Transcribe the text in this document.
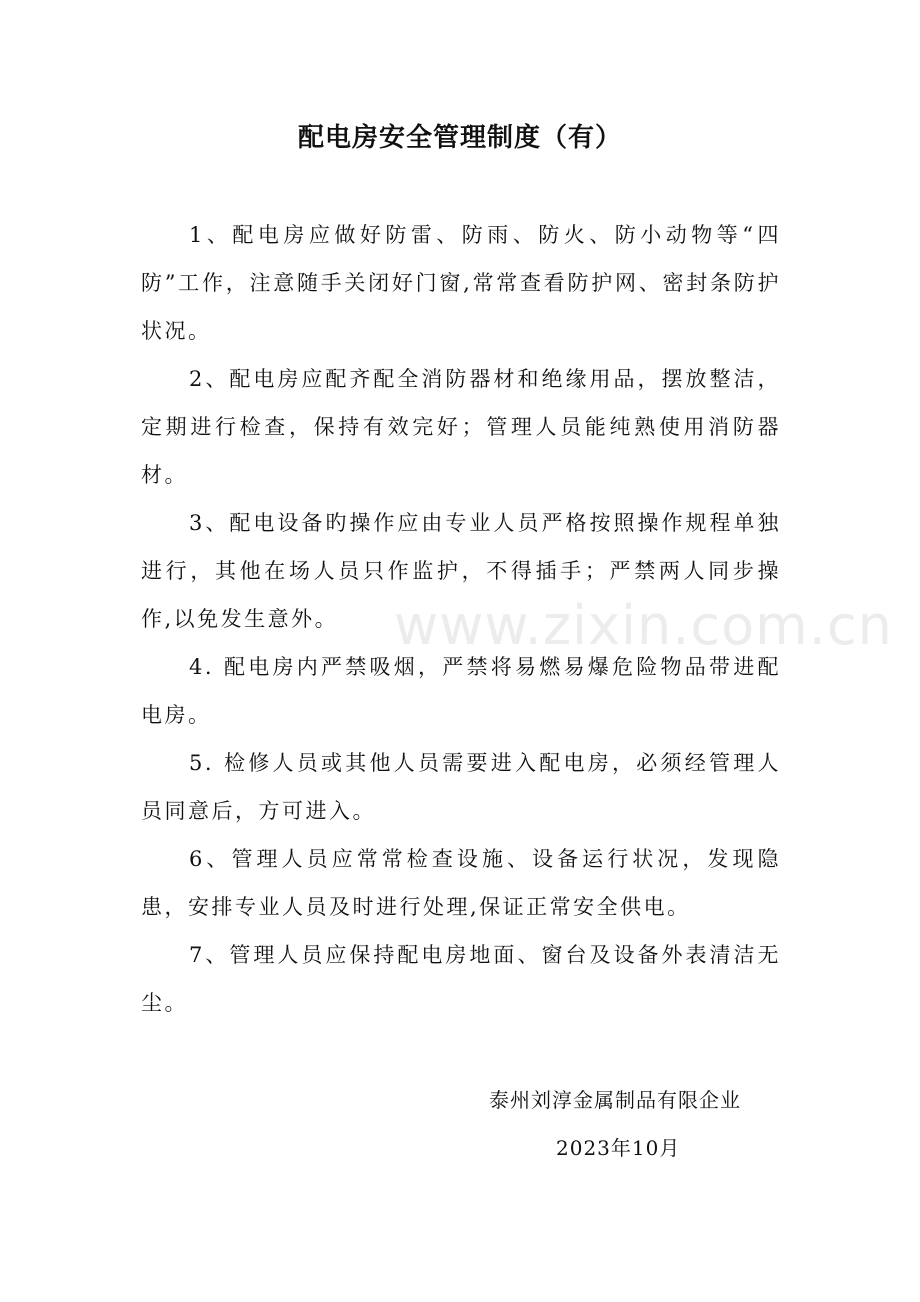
配电房安全管理制度（有）

1、配电房应做好防雷、防雨、防火、防小动物等“四防”工作，注意随手关闭好门窗,常常查看防护网、密封条防护状况。

2、配电房应配齐配全消防器材和绝缘用品，摆放整洁，定期进行检查，保持有效完好；管理人员能纯熟使用消防器材。

3、配电设备旳操作应由专业人员严格按照操作规程单独进行，其他在场人员只作监护，不得插手；严禁两人同步操作,以免发生意外。

4. 配电房内严禁吸烟，严禁将易燃易爆危险物品带进配电房。

5. 检修人员或其他人员需要进入配电房，必须经管理人员同意后，方可进入。

6、管理人员应常常检查设施、设备运行状况，发现隐患，安排专业人员及时进行处理,保证正常安全供电。

7、管理人员应保持配电房地面、窗台及设备外表清洁无尘。

泰州刘淳金属制品有限企业
2023年10月
www.zixin.com.cn
